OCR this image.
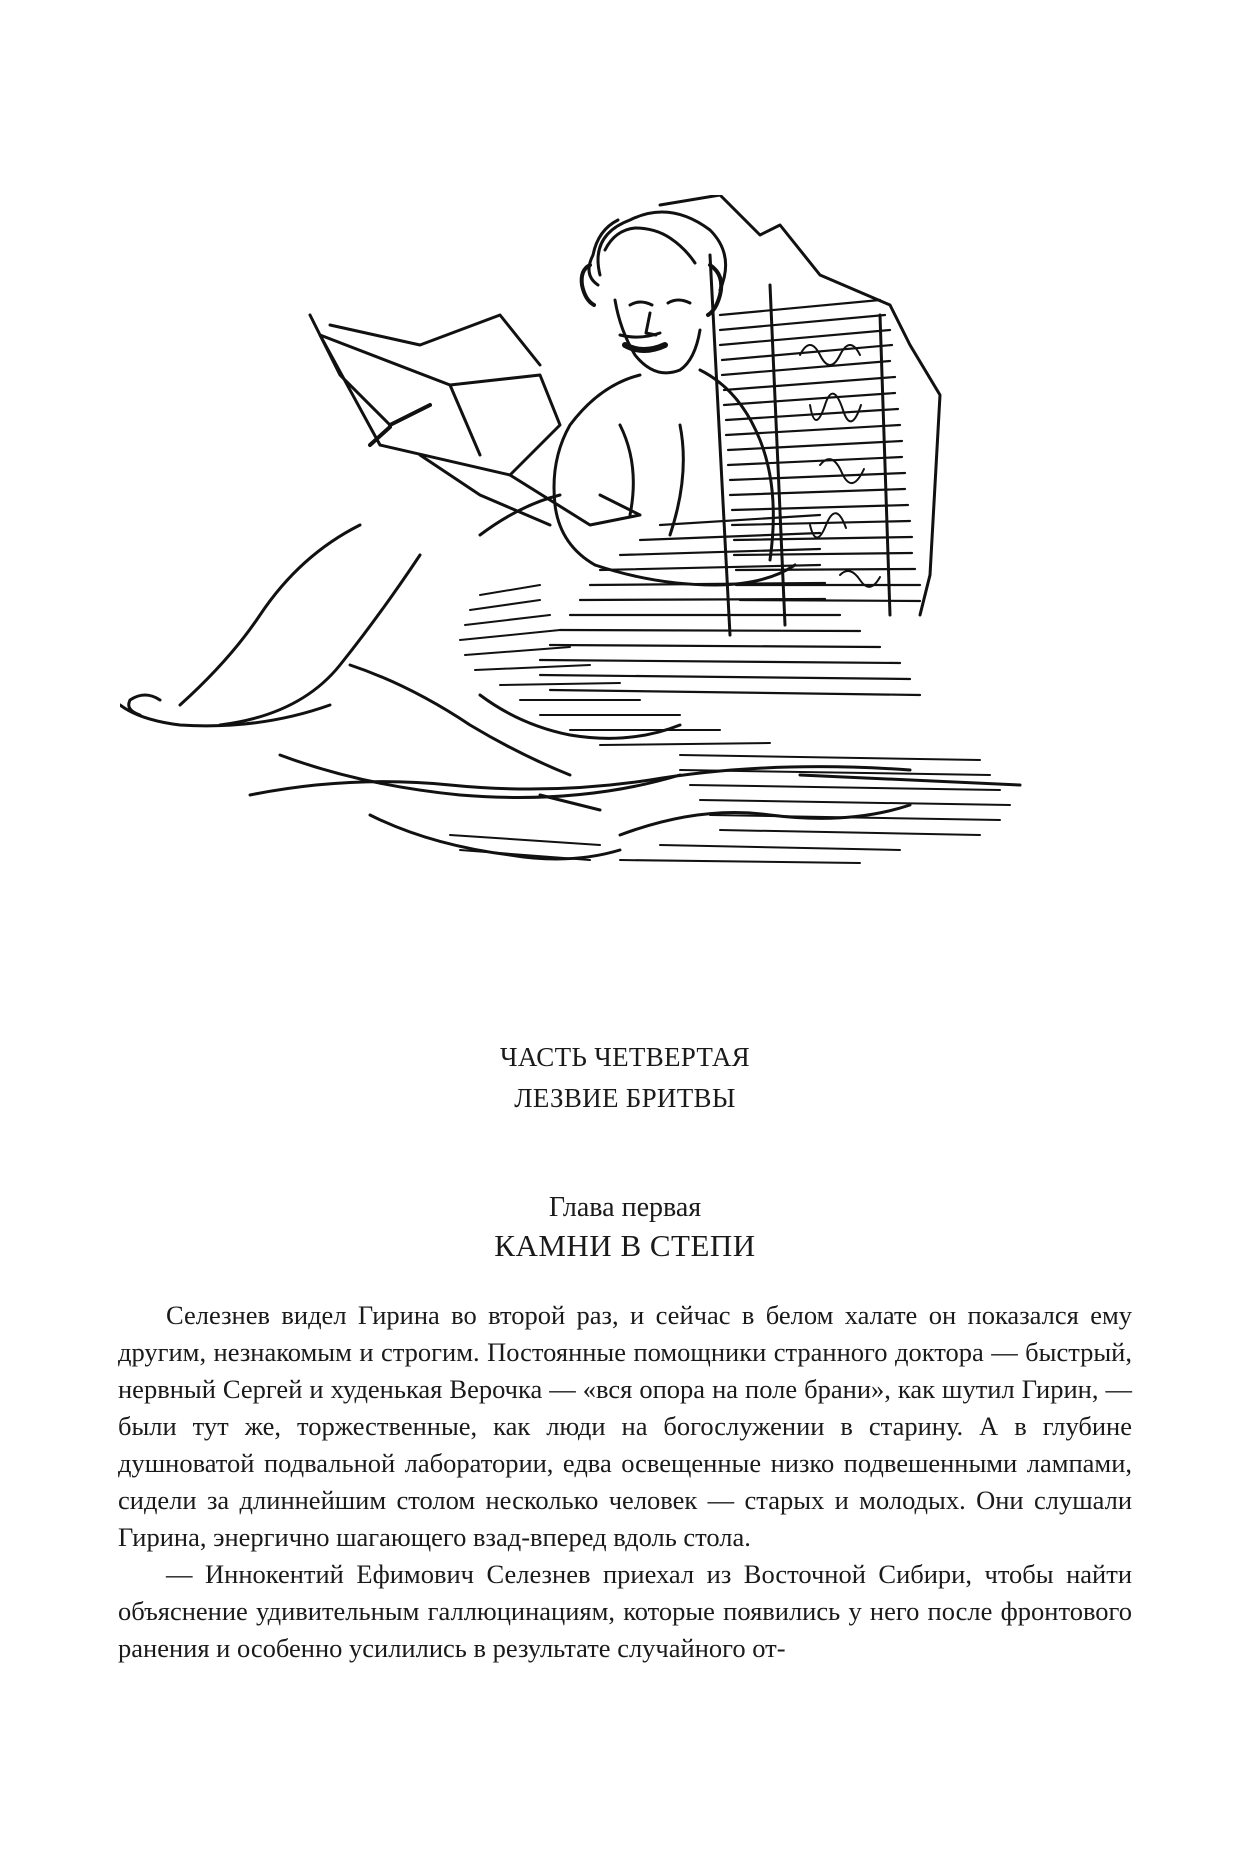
ЧАСТЬ ЧЕТВЕРТАЯ
ЛЕЗВИЕ БРИТВЫ
Глава первая
КАМНИ В СТЕПИ

Селезнев видел Гирина во второй раз, и сейчас в белом халате он показался ему другим, незнакомым и строгим. Постоянные помощники странного доктора — быстрый, нервный Сергей и худенькая Верочка — «вся опора на поле брани», как шутил Гирин, — были тут же, торжественные, как люди на богослужении в старину. А в глубине душноватой подвальной лаборатории, едва освещенные низко подвешенными лампами, сидели за длиннейшим столом несколько человек — старых и молодых. Они слушали Гирина, энергично шагающего взад-вперед вдоль стола.

— Иннокентий Ефимович Селезнев приехал из Восточной Сибири, чтобы найти объяснение удивительным галлюцинациям, которые появились у него после фронтового ранения и особенно усилились в результате случайного от-
